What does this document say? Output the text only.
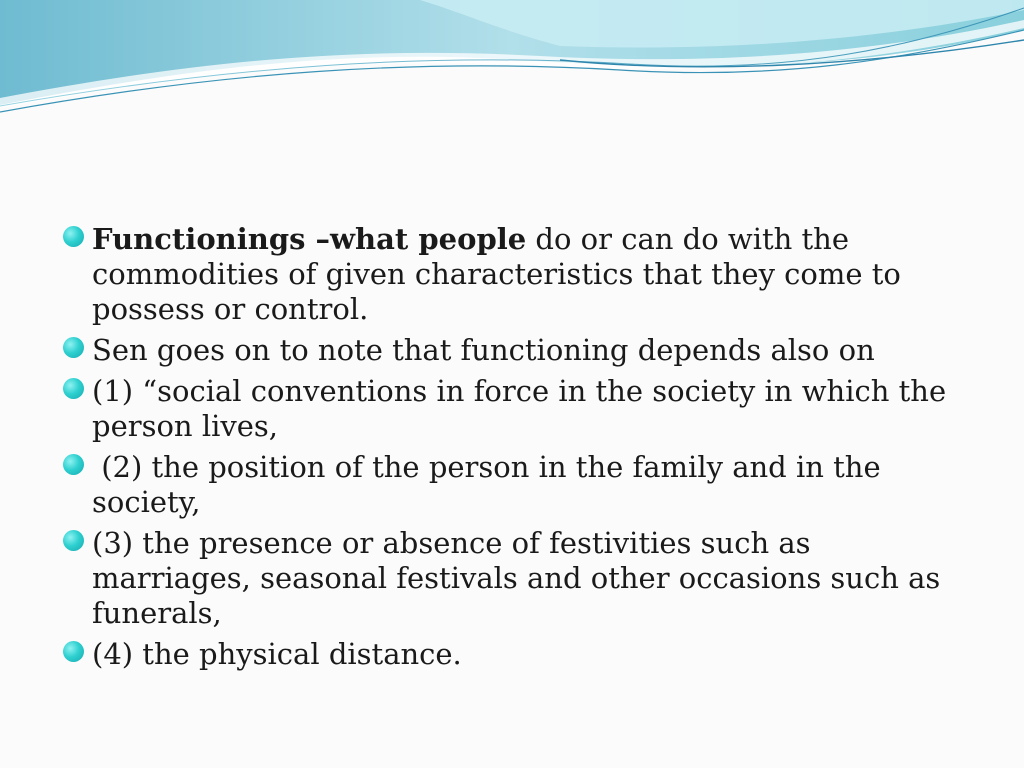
Functionings –what people do or can do with the commodities of given characteristics that they come to possess or control.
Sen goes on to note that functioning depends also on
(1) “social conventions in force in the society in which the person lives,
(2) the position of the person in the family and in the society,
(3) the presence or absence of festivities such as marriages, seasonal festivals and other occasions such as funerals,
(4) the physical distance.
